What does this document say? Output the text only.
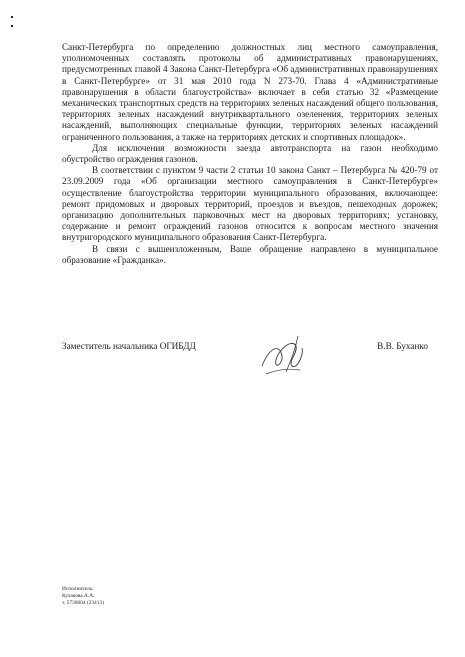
Санкт-Петербурга по определению должностных лиц местного самоуправления, уполномоченных составлять протоколы об административных правонарушениях, предусмотренных главой 4 Закона Санкт-Петербурга «Об административных правонарушениях в Санкт-Петербурге» от 31 мая 2010 года N 273-70. Глава 4 «Административные правонарушения в области благоустройства» включает в себя статью 32 «Размещение механических транспортных средств на территориях зеленых насаждений общего пользования, территориях зеленых насаждений внутриквартального озеленения, территориях зеленых насаждений, выполняющих специальные функции, территориях зеленых насаждений ограниченного пользования, а также на территориях детских и спортивных площадок».

Для исключения возможности заезда автотранспорта на газон необходимо обустройство ограждения газонов.

В соответствии с пунктом 9 части 2 статьи 10 закона Санкт – Петербурга № 420-79 от 23.09.2009 года «Об организации местного самоуправления в Санкт-Петербурге» осуществление благоустройства территории муниципального образования, включающее: ремонт придомовых и дворовых территорий, проездов и въездов, пешеходных дорожек; организацию дополнительных парковочных мест на дворовых территориях; установку, содержание и ремонт ограждений газонов относится к вопросам местного значения внутригородского муниципального образования Санкт-Петербурга.

В связи с вышеизложенным, Ваше обращение направлено в муниципальное образование «Гражданка».

Заместитель начальника ОГИБДД	В.В. Буханко
Исполнитель:
Кулакова А.А.
т. 5730804 (23413)
